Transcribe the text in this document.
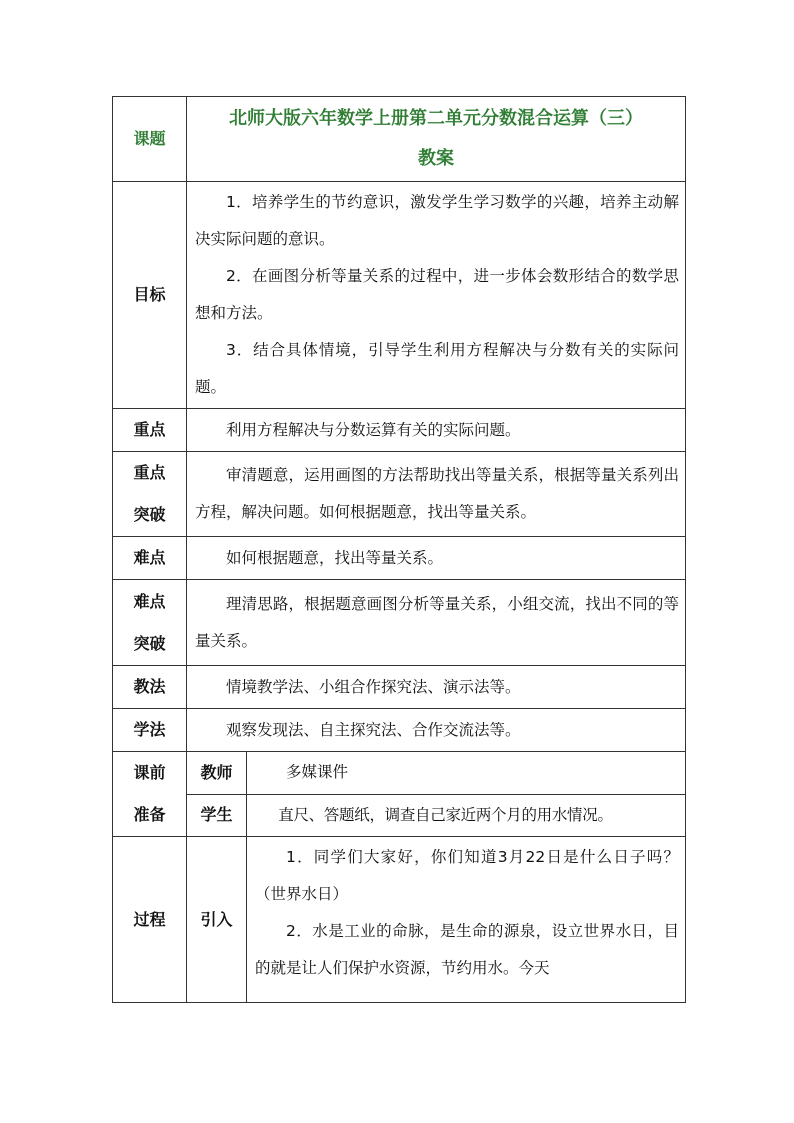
课题	北师大版六年数学上册第二单元分数混合运算（三）
教案	

目标	1．培养学生的节约意识，激发学生学习数学的兴趣，培养主动解决实际问题的意识。

2．在画图分析等量关系的过程中，进一步体会数形结合的数学思想和方法。

3．结合具体情境，引导学生利用方程解决与分数有关的实际问题。	

重点	利用方程解决与分数运算有关的实际问题。	

重点
突破	审清题意，运用画图的方法帮助找出等量关系，根据等量关系列出方程，解决问题。如何根据题意，找出等量关系。	

难点	如何根据题意，找出等量关系。	

难点
突破	理清思路，根据题意画图分析等量关系，小组交流，找出不同的等量关系。	

教法	情境教学法、小组合作探究法、演示法等。	

学法	观察发现法、自主探究法、合作交流法等。	

课前
准备	教师	多媒课件

	学生	直尺、答题纸，调查自己家近两个月的用水情况。

过程	引入	1．同学们大家好，你们知道3月22日是什么日子吗？（世界水日）

2．水是工业的命脉，是生命的源泉，设立世界水日，目的就是让人们保护水资源，节约用水。今天
